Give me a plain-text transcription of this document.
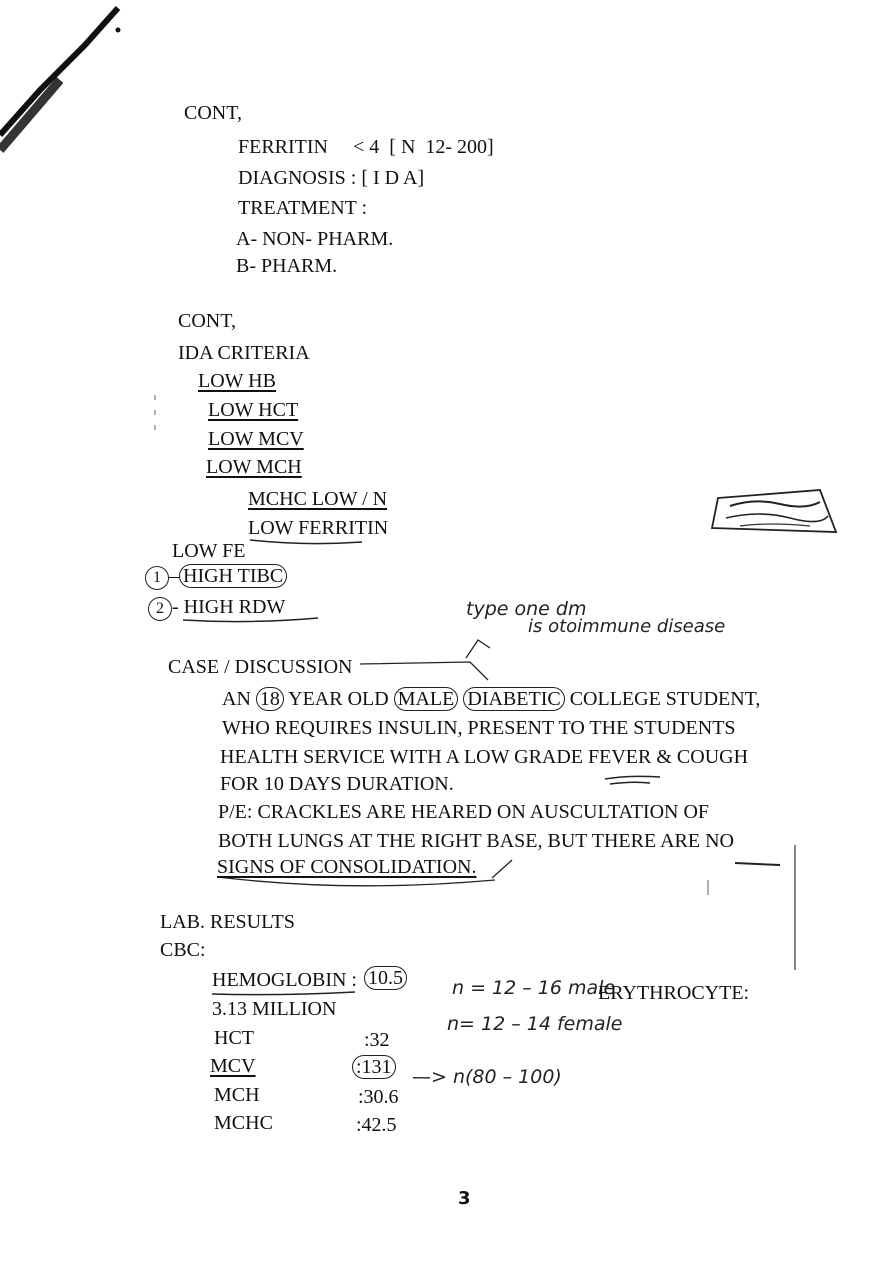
CONT,
FERRITIN     < 4  [ N  12- 200]
DIAGNOSIS : [ I D A]
TREATMENT :
A- NON- PHARM.
B- PHARM.
CONT,
IDA CRITERIA
LOW HB
LOW HCT
LOW MCV
LOW MCH
MCHC LOW / N
LOW FERRITIN
LOW FE
1 – HIGH TIBC
2 - HIGH RDW	type one dm
is otoimmune disease
CASE / DISCUSSION
AN 18 YEAR OLD MALE DIABETIC COLLEGE STUDENT,
WHO REQUIRES INSULIN, PRESENT TO THE STUDENTS
HEALTH SERVICE WITH A LOW GRADE FEVER & COUGH
FOR 10 DAYS DURATION.
P/E: CRACKLES ARE HEARED ON AUSCULTATION OF
BOTH LUNGS AT THE RIGHT BASE, BUT THERE ARE NO
SIGNS OF CONSOLIDATION.
LAB. RESULTS
CBC:
HEMOGLOBIN : 10.5	n = 12 – 16 male
ERYTHROCYTE:
3.13 MILLION
n= 12 – 14 female
HCT	:32
MCV	:131 —> n(80 – 100)
MCH	:30.6
MCHC	:42.5
3
